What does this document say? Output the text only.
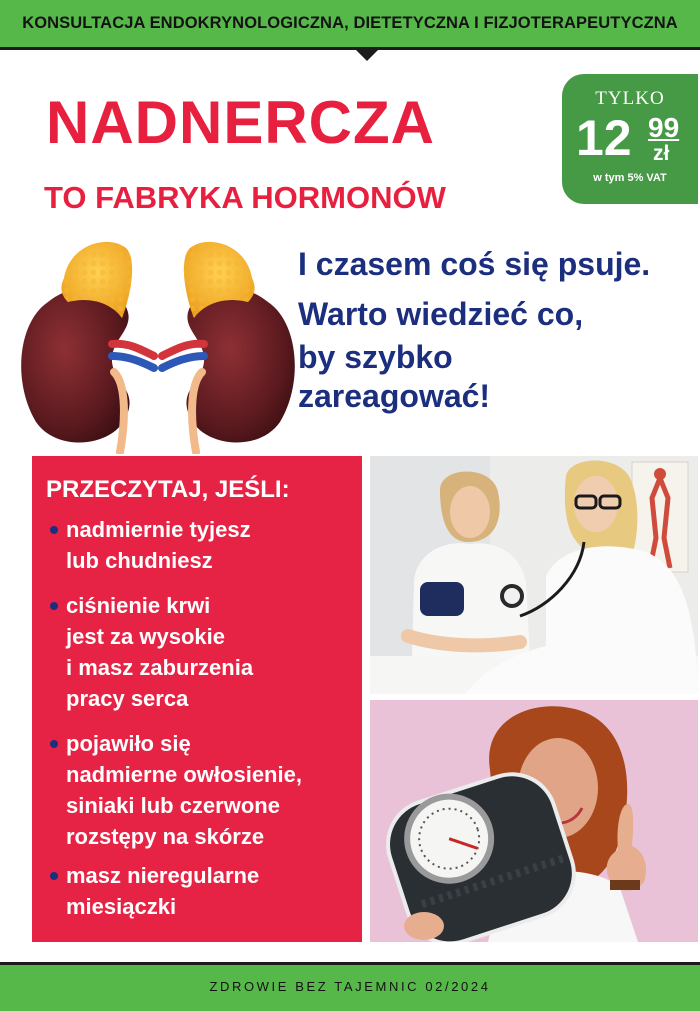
KONSULTACJA ENDOKRYNOLOGICZNA, DIETETYCZNA I FIZJOTERAPEUTYCZNA
NADNERCZA
TO FABRYKA HORMONÓW
TYLKO
12 99
zł
w tym 5% VAT
I czasem coś się psuje.
Warto wiedzieć co,
by szybko
zareagować!
PRZECZYTAJ, JEŚLI:
nadmiernie tyjesz
lub chudniesz
ciśnienie krwi
jest za wysokie
i masz zaburzenia
pracy serca
pojawiło się
nadmierne owłosienie,
siniaki lub czerwone
rozstępy na skórze
masz nieregularne
miesiączki
ZDROWIE BEZ TAJEMNIC 02/2024
